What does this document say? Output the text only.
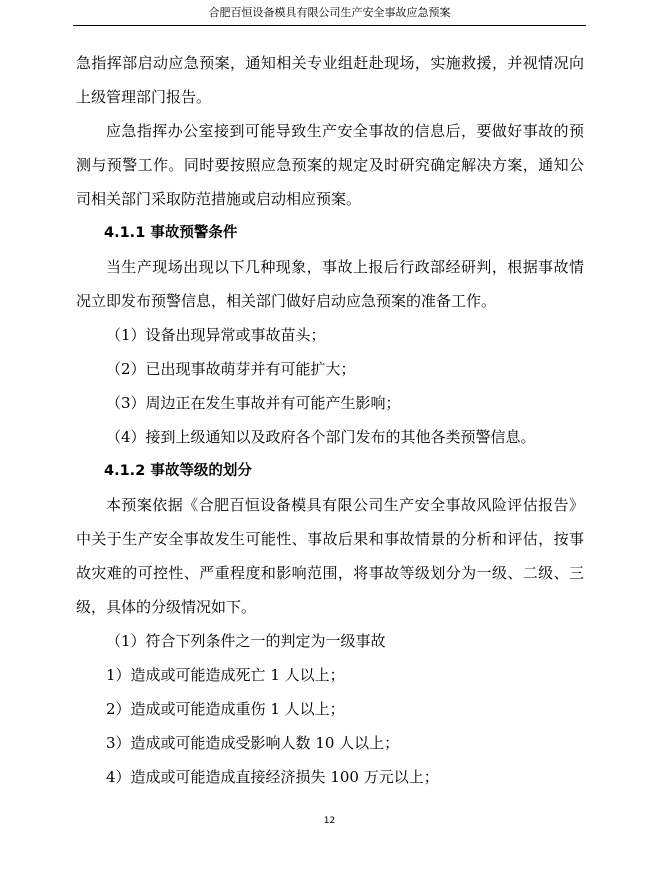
合肥百恒设备模具有限公司生产安全事故应急预案
急指挥部启动应急预案，通知相关专业组赶赴现场，实施救援，并视情况向
上级管理部门报告。
应急指挥办公室接到可能导致生产安全事故的信息后，要做好事故的预
测与预警工作。同时要按照应急预案的规定及时研究确定解决方案，通知公
司相关部门采取防范措施或启动相应预案。
4.1.1 事故预警条件
当生产现场出现以下几种现象，事故上报后行政部经研判，根据事故情
况立即发布预警信息，相关部门做好启动应急预案的准备工作。
（1）设备出现异常或事故苗头；
（2）已出现事故萌芽并有可能扩大；
（3）周边正在发生事故并有可能产生影响；
（4）接到上级通知以及政府各个部门发布的其他各类预警信息。
4.1.2 事故等级的划分
本预案依据《合肥百恒设备模具有限公司生产安全事故风险评估报告》
中关于生产安全事故发生可能性、事故后果和事故情景的分析和评估，按事
故灾难的可控性、严重程度和影响范围，将事故等级划分为一级、二级、三
级，具体的分级情况如下。
（1）符合下列条件之一的判定为一级事故
1）造成或可能造成死亡 1 人以上；
2）造成或可能造成重伤 1 人以上；
3）造成或可能造成受影响人数 10 人以上；
4）造成或可能造成直接经济损失 100 万元以上；
12
